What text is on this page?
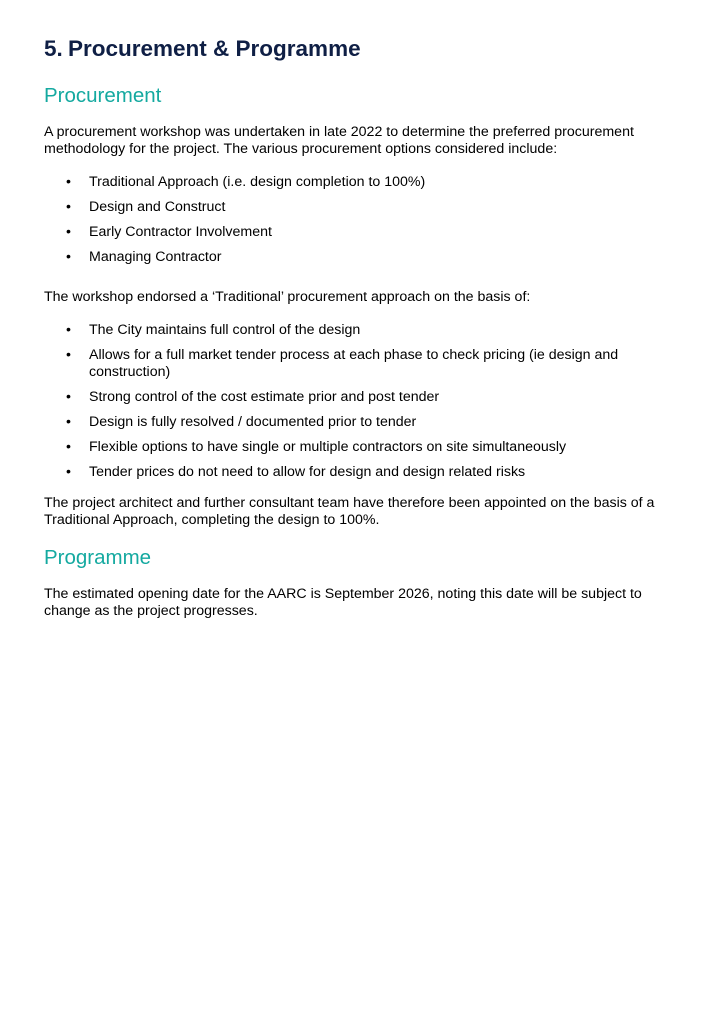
5. Procurement & Programme
Procurement

A procurement workshop was undertaken in late 2022 to determine the preferred procurement methodology for the project. The various procurement options considered include:

• Traditional Approach (i.e. design completion to 100%)
• Design and Construct
• Early Contractor Involvement
• Managing Contractor

The workshop endorsed a ‘Traditional’ procurement approach on the basis of:

• The City maintains full control of the design
• Allows for a full market tender process at each phase to check pricing (ie design and construction)
• Strong control of the cost estimate prior and post tender
• Design is fully resolved / documented prior to tender
• Flexible options to have single or multiple contractors on site simultaneously
• Tender prices do not need to allow for design and design related risks

The project architect and further consultant team have therefore been appointed on the basis of a Traditional Approach, completing the design to 100%.

Programme

The estimated opening date for the AARC is September 2026, noting this date will be subject to change as the project progresses.
